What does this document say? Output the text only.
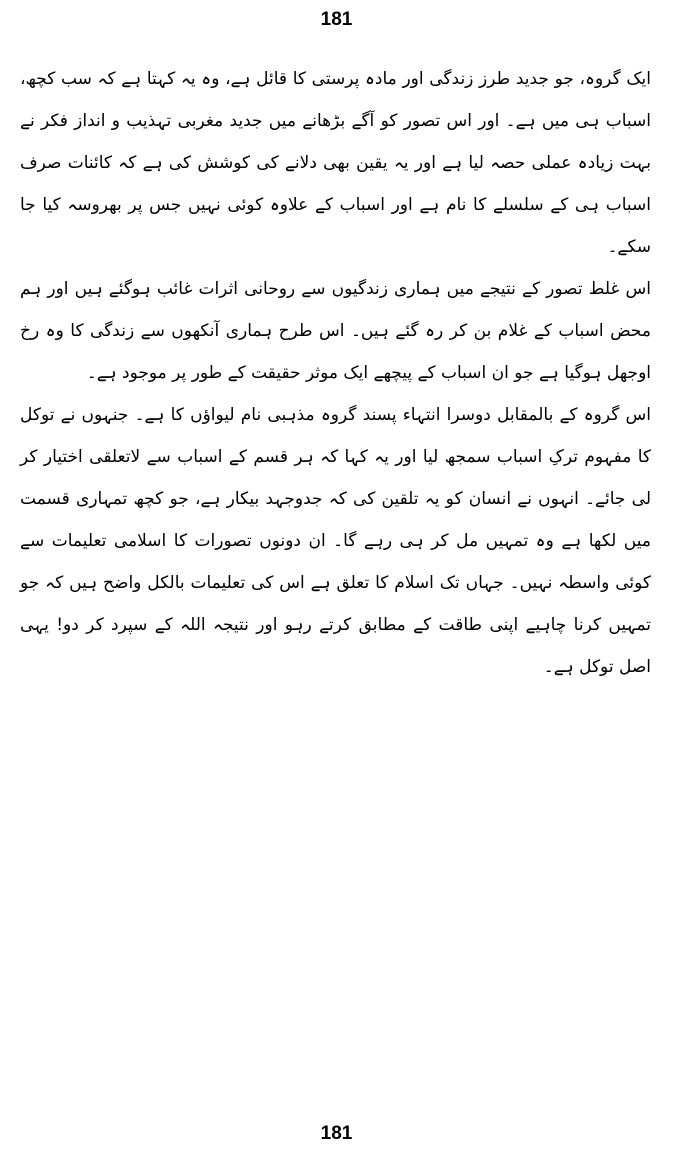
181

ایک گروہ، جو جدید طرز زندگی اور مادہ پرستی کا قائل ہے، وہ یہ کہتا ہے کہ سب کچھ، اسباب ہی میں ہے۔ اور اس تصور کو آگے بڑھانے میں جدید مغربی تہذیب و انداز فکر نے بہت زیادہ عملی حصہ لیا ہے اور یہ یقین بھی دلانے کی کوشش کی ہے کہ کائنات صرف اسباب ہی کے سلسلے کا نام ہے اور اسباب کے علاوہ کوئی نہیں جس پر بھروسہ کیا جا سکے۔

اس غلط تصور کے نتیجے میں ہماری زندگیوں سے روحانی اثرات غائب ہوگئے ہیں اور ہم محض اسباب کے غلام بن کر رہ گئے ہیں۔ اس طرح ہماری آنکھوں سے زندگی کا وہ رخ اوجھل ہوگیا ہے جو ان اسباب کے پیچھے ایک موثر حقیقت کے طور پر موجود ہے۔

اس گروہ کے بالمقابل دوسرا انتہاء پسند گروہ مذہبی نام لیواؤں کا ہے۔ جنہوں نے توکل کا مفہوم ترکِ اسباب سمجھ لیا اور یہ کہا کہ ہر قسم کے اسباب سے لاتعلقی اختیار کر لی جائے۔ انہوں نے انسان کو یہ تلقین کی کہ جدوجہد بیکار ہے، جو کچھ تمہاری قسمت میں لکھا ہے وہ تمہیں مل کر ہی رہے گا۔ ان دونوں تصورات کا اسلامی تعلیمات سے کوئی واسطہ نہیں۔ جہاں تک اسلام کا تعلق ہے اس کی تعلیمات بالکل واضح ہیں کہ جو تمہیں کرنا چاہیے اپنی طاقت کے مطابق کرتے رہو اور نتیجہ اللہ کے سپرد کر دو! یہی اصل توکل ہے۔

181
